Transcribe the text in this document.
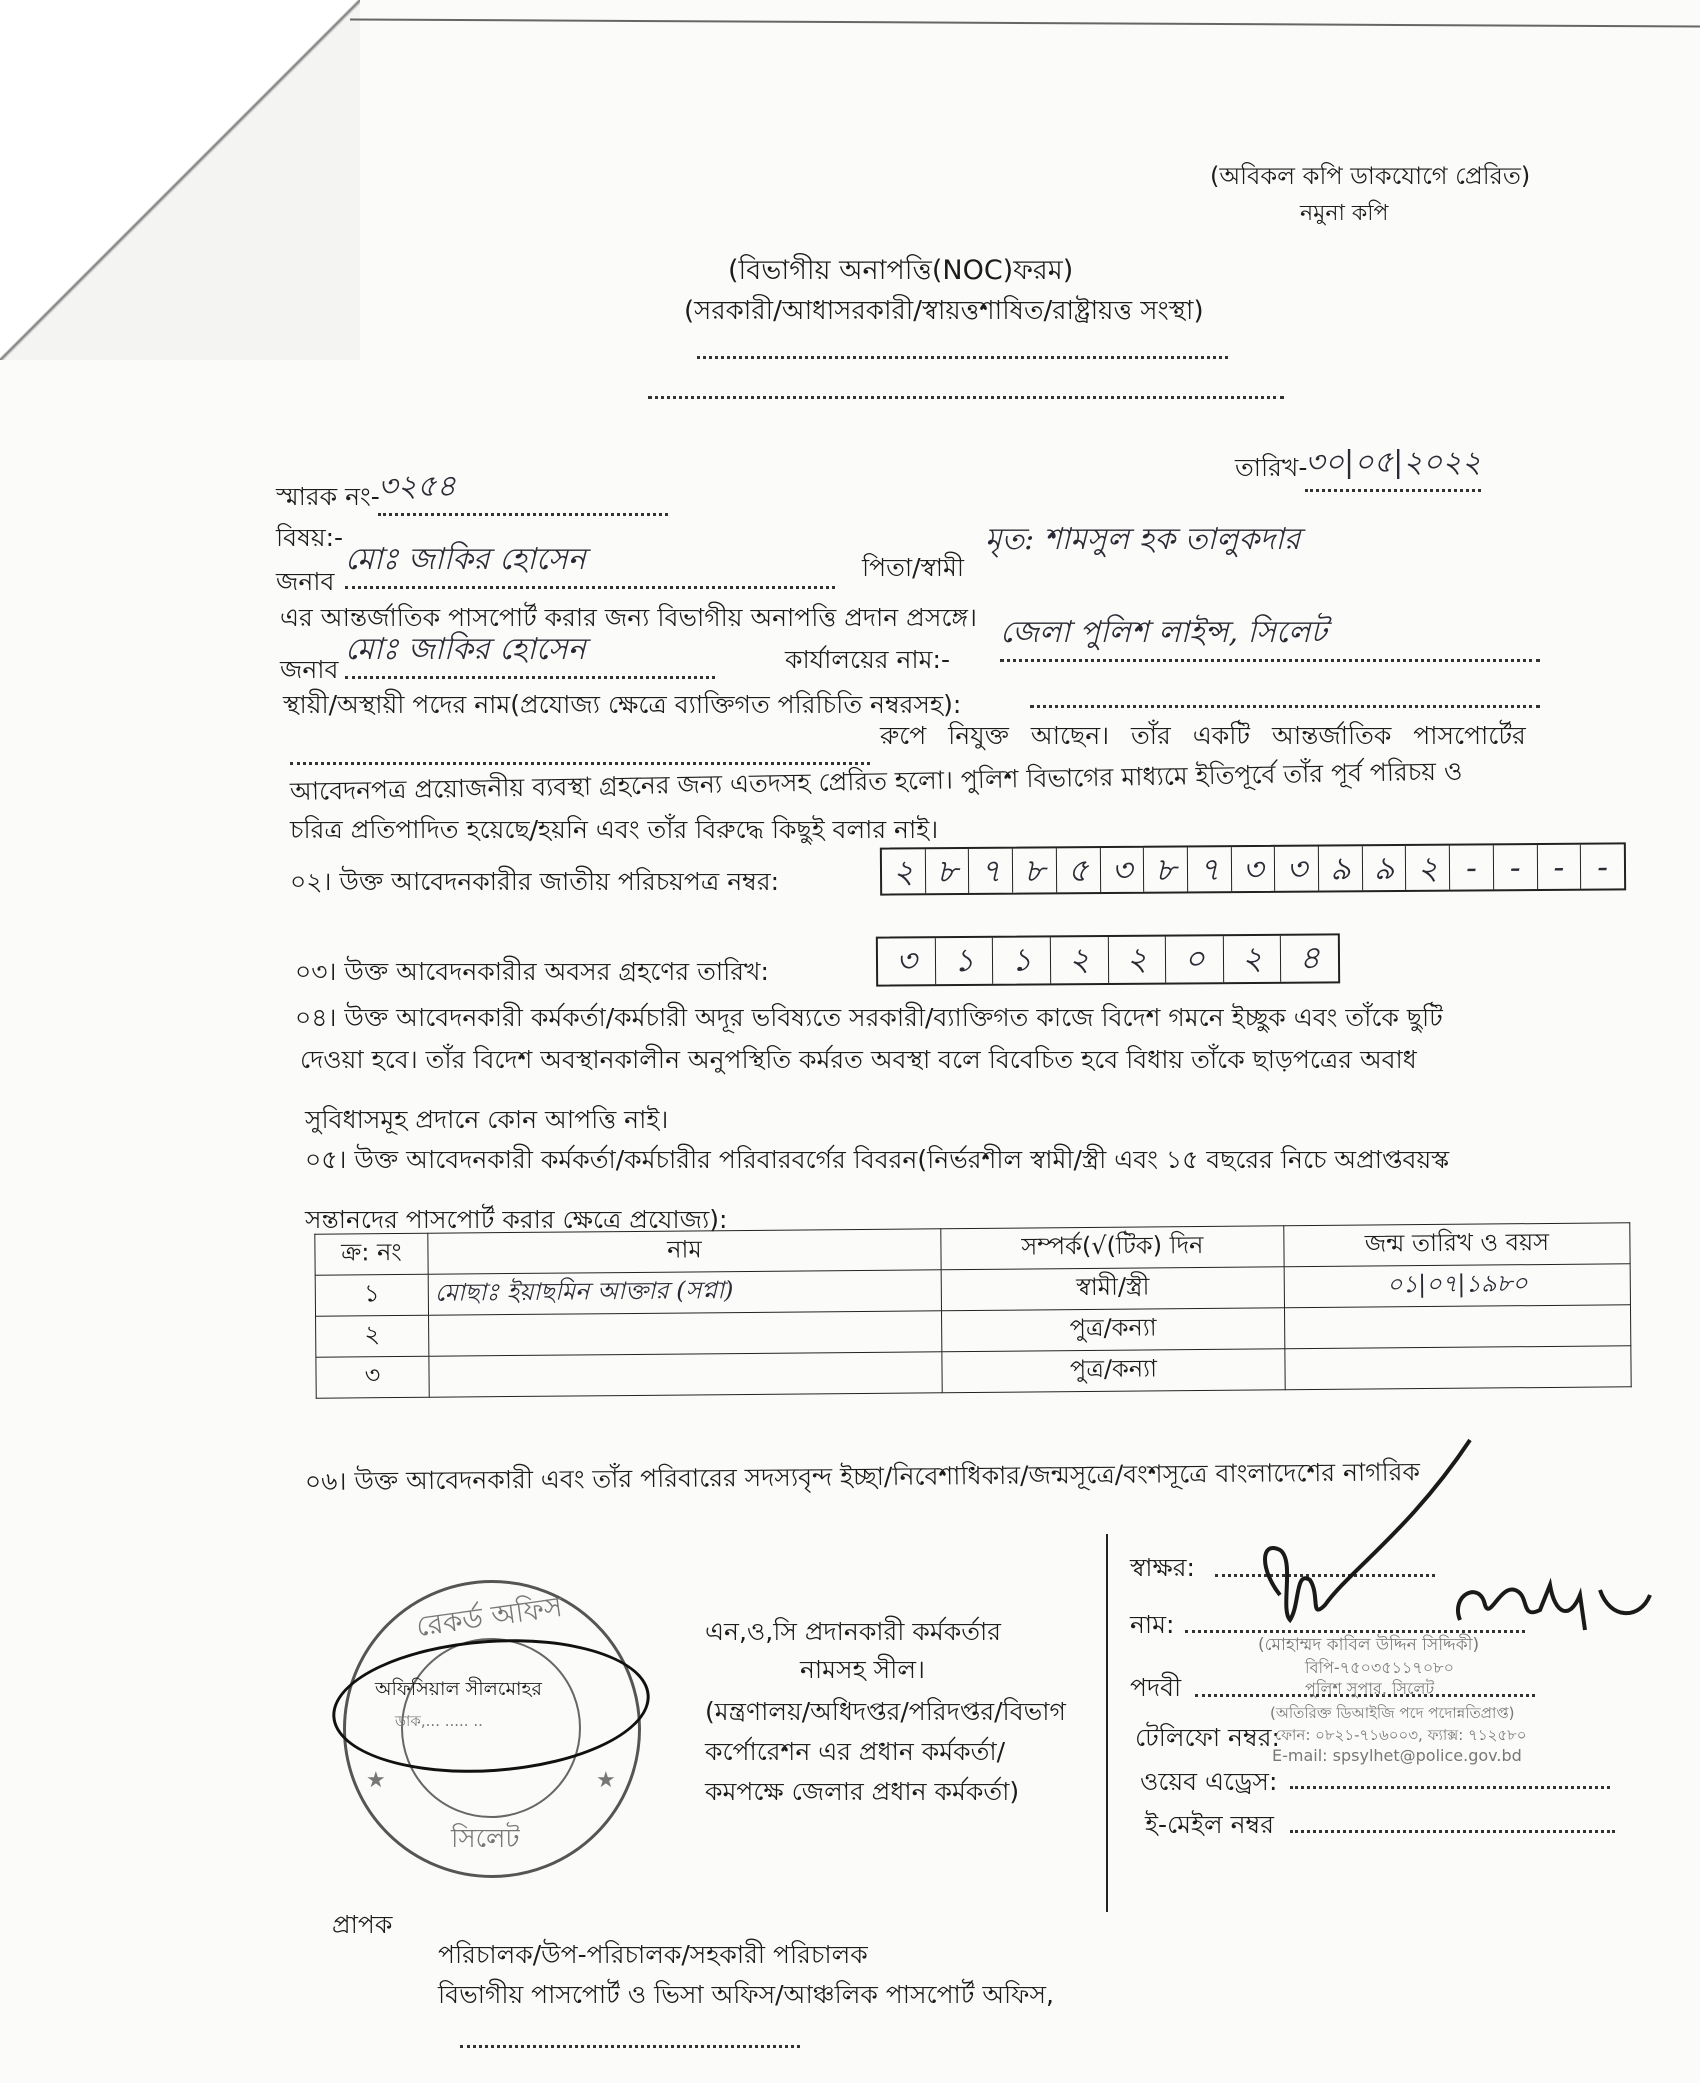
(অবিকল কপি ডাকযোগে প্রেরিত)
নমুনা কপি
(বিভাগীয় অনাপত্তি(NOC)ফরম)
(সরকারী/আধাসরকারী/স্বায়ত্তশাষিত/রাষ্ট্রায়ত্ত সংস্থা)
তারিখ-
৩০|০৫|২০২২
স্মারক নং-
৩২৫৪
বিষয়:-
জনাব
মোঃ জাকির হোসেন	পিতা/স্বামী
মৃত: শামসুল হক তালুকদার
এর আন্তর্জাতিক পাসপোর্ট করার জন্য বিভাগীয় অনাপত্তি প্রদান প্রসঙ্গে।
জনাব
মোঃ জাকির হোসেন	কার্যালয়ের নাম:-
জেলা পুলিশ লাইন্স, সিলেট
স্থায়ী/অস্থায়ী পদের নাম(প্রযোজ্য ক্ষেত্রে ব্যাক্তিগত পরিচিতি নম্বরসহ):
রুপে নিযুক্ত আছেন। তাঁর একটি আন্তর্জাতিক পাসপোর্টের
আবেদনপত্র প্রয়োজনীয় ব্যবস্থা গ্রহনের জন্য এতদসহ প্রেরিত হলো। পুলিশ বিভাগের মাধ্যমে ইতিপূর্বে তাঁর পূর্ব পরিচয় ও
চরিত্র প্রতিপাদিত হয়েছে/হয়নি এবং তাঁর বিরুদ্ধে কিছুই বলার নাই।
০২। উক্ত আবেদনকারীর জাতীয় পরিচয়পত্র নম্বর:	২ ৮ ৭ ৮ ৫ ৩ ৮ ৭ ৩ ৩ ৯ ৯ ২ -	-	-	-
০৩। উক্ত আবেদনকারীর অবসর গ্রহণের তারিখ:	৩	১	১	২	২	০	২	৪
০৪। উক্ত আবেদনকারী কর্মকর্তা/কর্মচারী অদূর ভবিষ্যতে সরকারী/ব্যাক্তিগত কাজে বিদেশ গমনে ইচ্ছুক এবং তাঁকে ছুটি
দেওয়া হবে। তাঁর বিদেশ অবস্থানকালীন অনুপস্থিতি কর্মরত অবস্থা বলে বিবেচিত হবে বিধায় তাঁকে ছাড়পত্রের অবাধ
সুবিধাসমূহ প্রদানে কোন আপত্তি নাই।
০৫। উক্ত আবেদনকারী কর্মকর্তা/কর্মচারীর পরিবারবর্গের বিবরন(নির্ভরশীল স্বামী/স্ত্রী এবং ১৫ বছরের নিচে অপ্রাপ্তবয়স্ক
সন্তানদের পাসপোর্ট করার ক্ষেত্রে প্রযোজ্য):
ক্র: নং	নাম	সম্পর্ক(√(টিক) দিন	জন্ম তারিখ ও বয়স
১	মোছাঃ ইয়াছমিন আক্তার (সপ্না)	স্বামী/স্ত্রী	০১|০৭|১৯৮০
২		পুত্র/কন্যা	
৩		পুত্র/কন্যা	
০৬। উক্ত আবেদনকারী এবং তাঁর পরিবারের সদস্যবৃন্দ ইচ্ছা/নিবেশাধিকার/জন্মসূত্রে/বংশসূত্রে বাংলাদেশের নাগরিক
রেকর্ড অফিস
সিলেট
★	★
অফিসিয়াল সীলমোহর
ডাক,... ..... ..
এন,ও,সি প্রদানকারী কর্মকর্তার
নামসহ সীল।
(মন্ত্রণালয়/অধিদপ্তর/পরিদপ্তর/বিভাগ
কর্পোরেশন এর প্রধান কর্মকর্তা/
কমপক্ষে জেলার প্রধান কর্মকর্তা)
স্বাক্ষর:
নাম:
পদবী
টেলিফো নম্বর:
ওয়েব এড্রেস:
ই-মেইল নম্বর
(মোহাম্মদ কাবিল উদ্দিন সিদ্দিকী)
বিপি-৭৫০৩৫১১৭০৮০
পুলিশ সুপার, সিলেট
(অতিরিক্ত ডিআইজি পদে পদোন্নতিপ্রাপ্ত)
ফোন: ০৮২১-৭১৬০০৩, ফ্যাক্স: ৭১২৫৮০
E-mail: spsylhet@police.gov.bd
প্রাপক
পরিচালক/উপ-পরিচালক/সহকারী পরিচালক
বিভাগীয় পাসপোর্ট ও ভিসা অফিস/আঞ্চলিক পাসপোর্ট অফিস,
